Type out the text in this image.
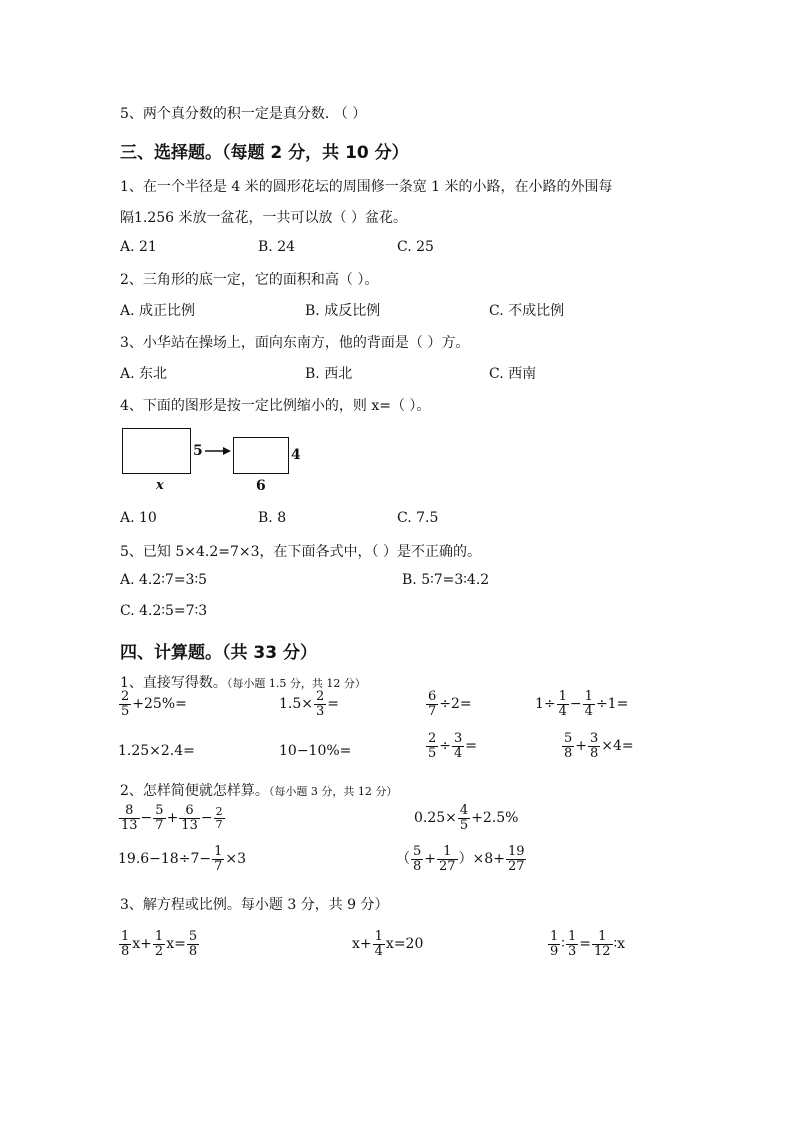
5、两个真分数的积一定是真分数. （ ）
三、选择题。（每题 2 分，共 10 分）
1、在一个半径是 4 米的圆形花坛的周围修一条宽 1 米的小路，在小路的外围每
隔1.256 米放一盆花，一共可以放（ ）盆花。
A. 21	B. 24	C. 25
2、三角形的底一定，它的面积和高（ ）。
A. 成正比例	B. 成反比例	C. 不成比例
3、小华站在操场上，面向东南方，他的背面是（ ）方。
A. 东北	B. 西北	C. 西南
4、下面的图形是按一定比例缩小的，则 x=（ ）。
x
5	4
6
A. 10	B. 8	C. 7.5
5、已知 5×4.2=7×3，在下面各式中，（ ）是不正确的。
A. 4.2∶7=3∶5	B. 5∶7=3∶4.2
C. 4.2∶5=7∶3
四、计算题。（共 33 分）
1、直接写得数。（每小题 1.5 分，共 12 分）
$\frac{2}{5} +25\%=$	$1.5\times \frac{2}{3}$ =	$\frac{6}{7} \div 2=$	$1\div \frac{1}{4} - \frac{1}{4} \div 1=$
1.25×2.4=	10−10%=	$\frac{2}{5} \div \frac{3}{4}$ =	$\frac{5}{8} + \frac{3}{8} \times 4=$
2、怎样简便就怎样算。（每小题 3 分，共 12 分）
$\frac{8}{13} - \frac{5}{7} + \frac{6}{13} - \frac{2}{7}$	$0.25\times \frac{4}{5} +2.5\%$
$19.6-18\div 7- \frac{1}{7} \times 3$	（ $\frac{5}{8} + \frac{1}{27} )\times 8+ \frac{19}{27}$
3、解方程或比例。每小题 3 分，共 9 分）
$\frac{1}{8} x+ \frac{1}{2} x= \frac{5}{8}$	$x+ \frac{1}{4} x=20$	$\frac{1}{9}$ ∶ $\frac{1}{3} = \frac{1}{12}$ ∶x
